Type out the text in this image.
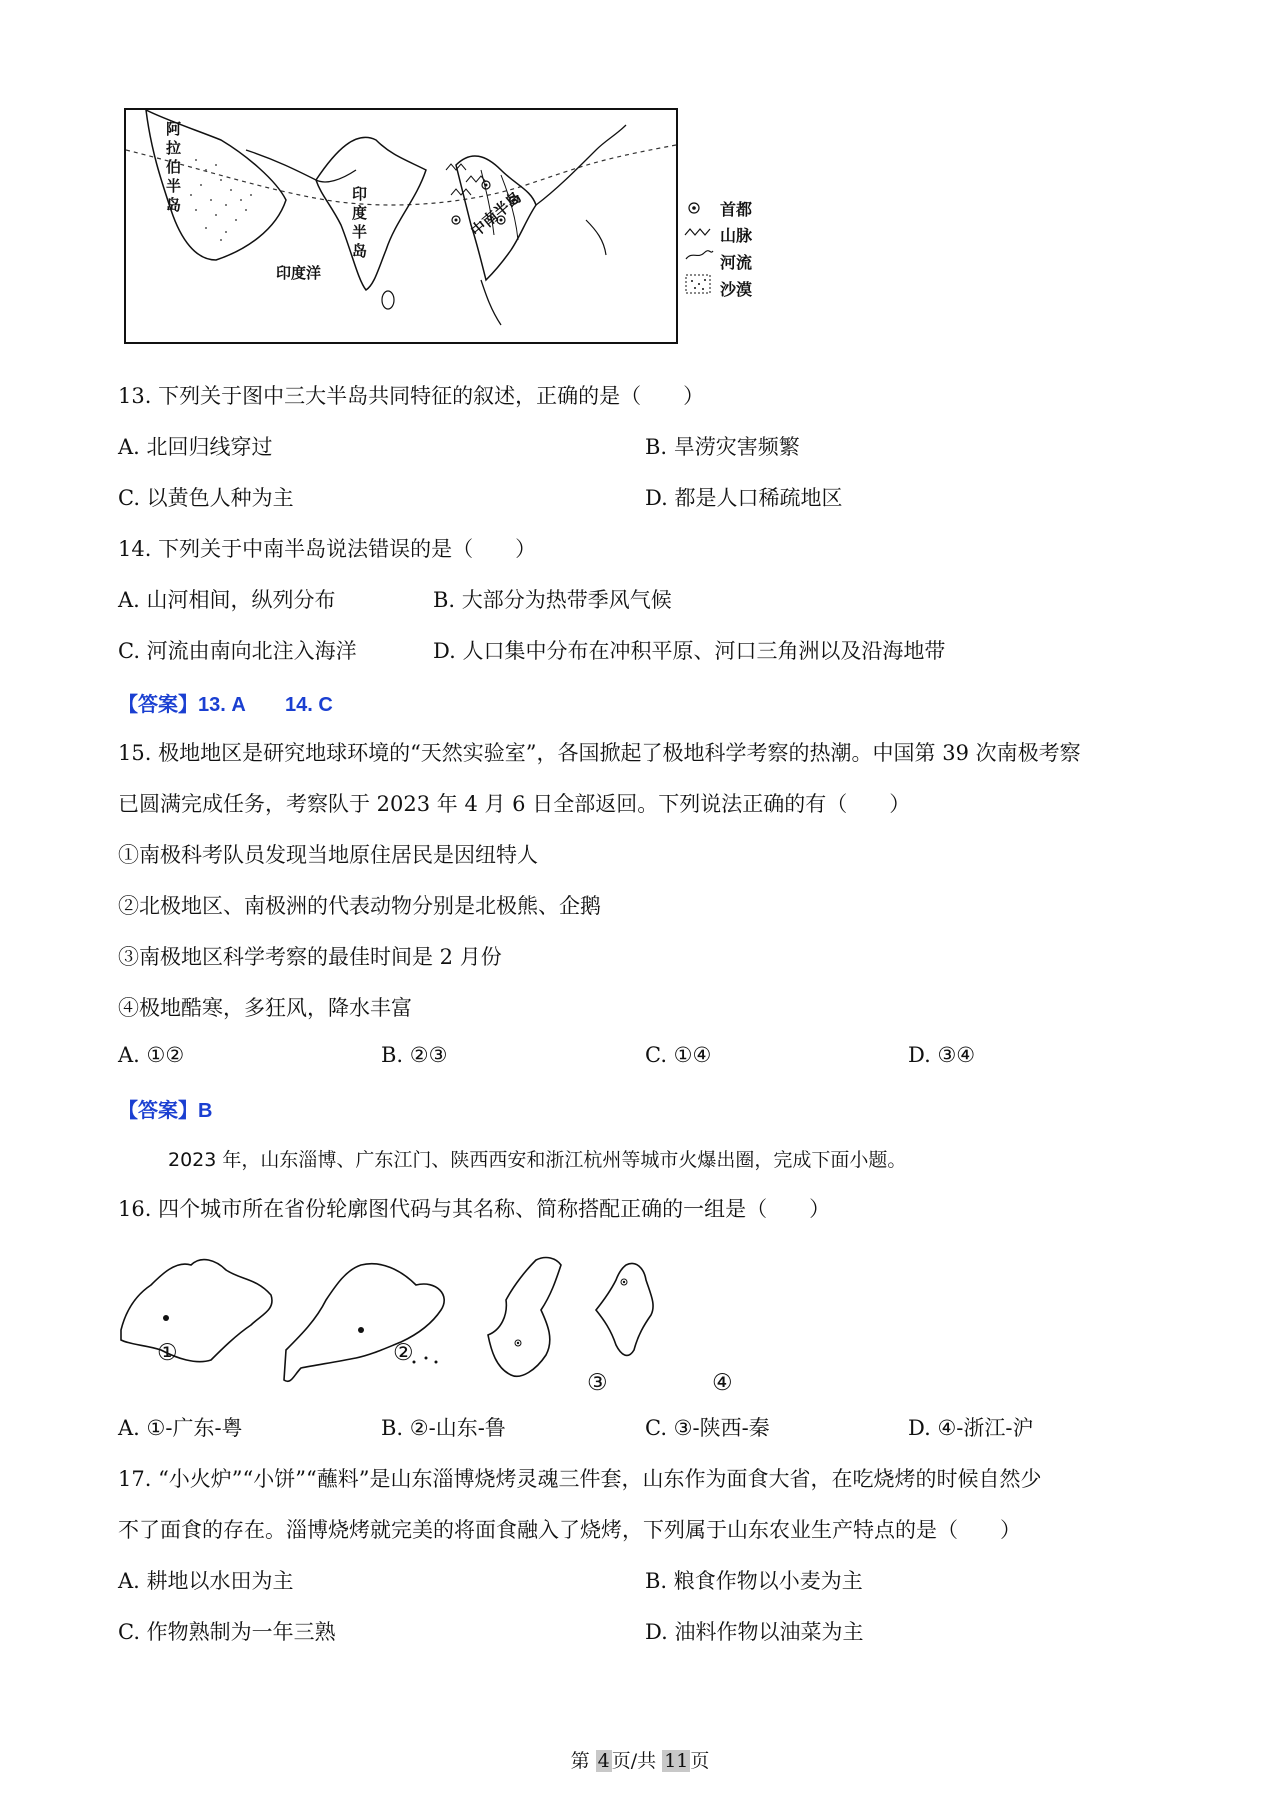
阿拉伯半岛
印度半岛
中南半岛
印度洋
首都
山脉
河流
沙漠
13. 下列关于图中三大半岛共同特征的叙述，正确的是（　　）
A. 北回归线穿过	B. 旱涝灾害频繁
C. 以黄色人种为主	D. 都是人口稀疏地区
14. 下列关于中南半岛说法错误的是（　　）
A. 山河相间，纵列分布	B. 大部分为热带季风气候
C. 河流由南向北注入海洋	D. 人口集中分布在冲积平原、河口三角洲以及沿海地带
【答案】13. A　　14. C
15. 极地地区是研究地球环境的“天然实验室”，各国掀起了极地科学考察的热潮。中国第 39 次南极考察
已圆满完成任务，考察队于 2023 年 4 月 6 日全部返回。下列说法正确的有（　　）
①南极科考队员发现当地原住居民是因纽特人
②北极地区、南极洲的代表动物分别是北极熊、企鹅
③南极地区科学考察的最佳时间是 2 月份
④极地酷寒，多狂风，降水丰富
A. ①②	B. ②③	C. ①④	D. ③④
【答案】B
2023 年，山东淄博、广东江门、陕西西安和浙江杭州等城市火爆出圈，完成下面小题。
16. 四个城市所在省份轮廓图代码与其名称、简称搭配正确的一组是（　　）
①	②
③	④
A. ①-广东-粤	B. ②-山东-鲁	C. ③-陕西-秦	D. ④-浙江-沪
17. “小火炉”“小饼”“蘸料”是山东淄博烧烤灵魂三件套，山东作为面食大省，在吃烧烤的时候自然少
不了面食的存在。淄博烧烤就完美的将面食融入了烧烤，下列属于山东农业生产特点的是（　　）
A. 耕地以水田为主	B. 粮食作物以小麦为主
C. 作物熟制为一年三熟	D. 油料作物以油菜为主
第 4 页/共 11 页
